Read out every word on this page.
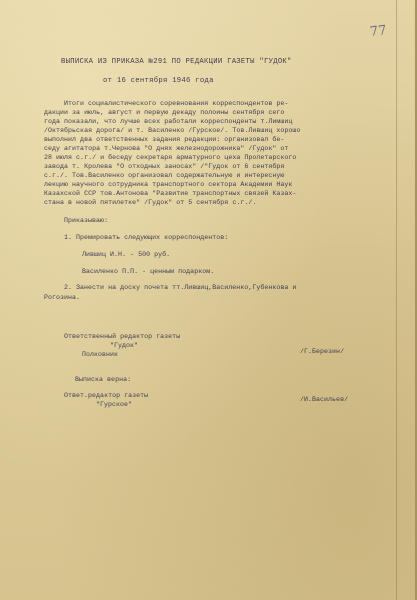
77
ВЫПИСКА ИЗ ПРИКАЗА №291 ПО РЕДАКЦИИ ГАЗЕТЫ "ГУДОК"
от 16 сентября 1946 года
Итоги социалистического соревнования корреспондентов ре-
дакции за июль, август и первую декаду полоины сентября сего
года показали, что лучше всех работали корреспонденты т.Лимшиц
/Октябрьская дорога/ и т. Василенко /Гурское/. Тов.Лившиц хорошо
выполнил два ответственных задания редакции: организовал бе-
седу агитатора т.Чернова "О днях железнодорожника" /Гудок" от
28 июля с.г./ и беседу секретаря арматурного цеха Пролетарского
завода т. Кролева "О отходных заносах" /"Гудок от 6 сентября
с.г./. Тов.Василенко организовал содержательную и интересную
лекцию научного сотрудника транспортного сектора Академии Наук
Казахской ССР тов.Антонова "Развитие транспортных связей Казах-
стана в новой пятилетке" /Гудок" от 5 сентября с.г./.
Приказываю:
1. Премировать следующих корреспондентов:
Лившиц И.Н. - 500 руб.
Василенко П.П. - ценным подарком.
2. Занести на доску почета тт.Лившиц,Василенко,Губенкова и
Рогозина.
Ответственный редактор газеты
"Гудок"
Полковник	/Г.Березин/
Выписка верна:
Ответ.редактор газеты
"Гурское"
/И.Васильев/
